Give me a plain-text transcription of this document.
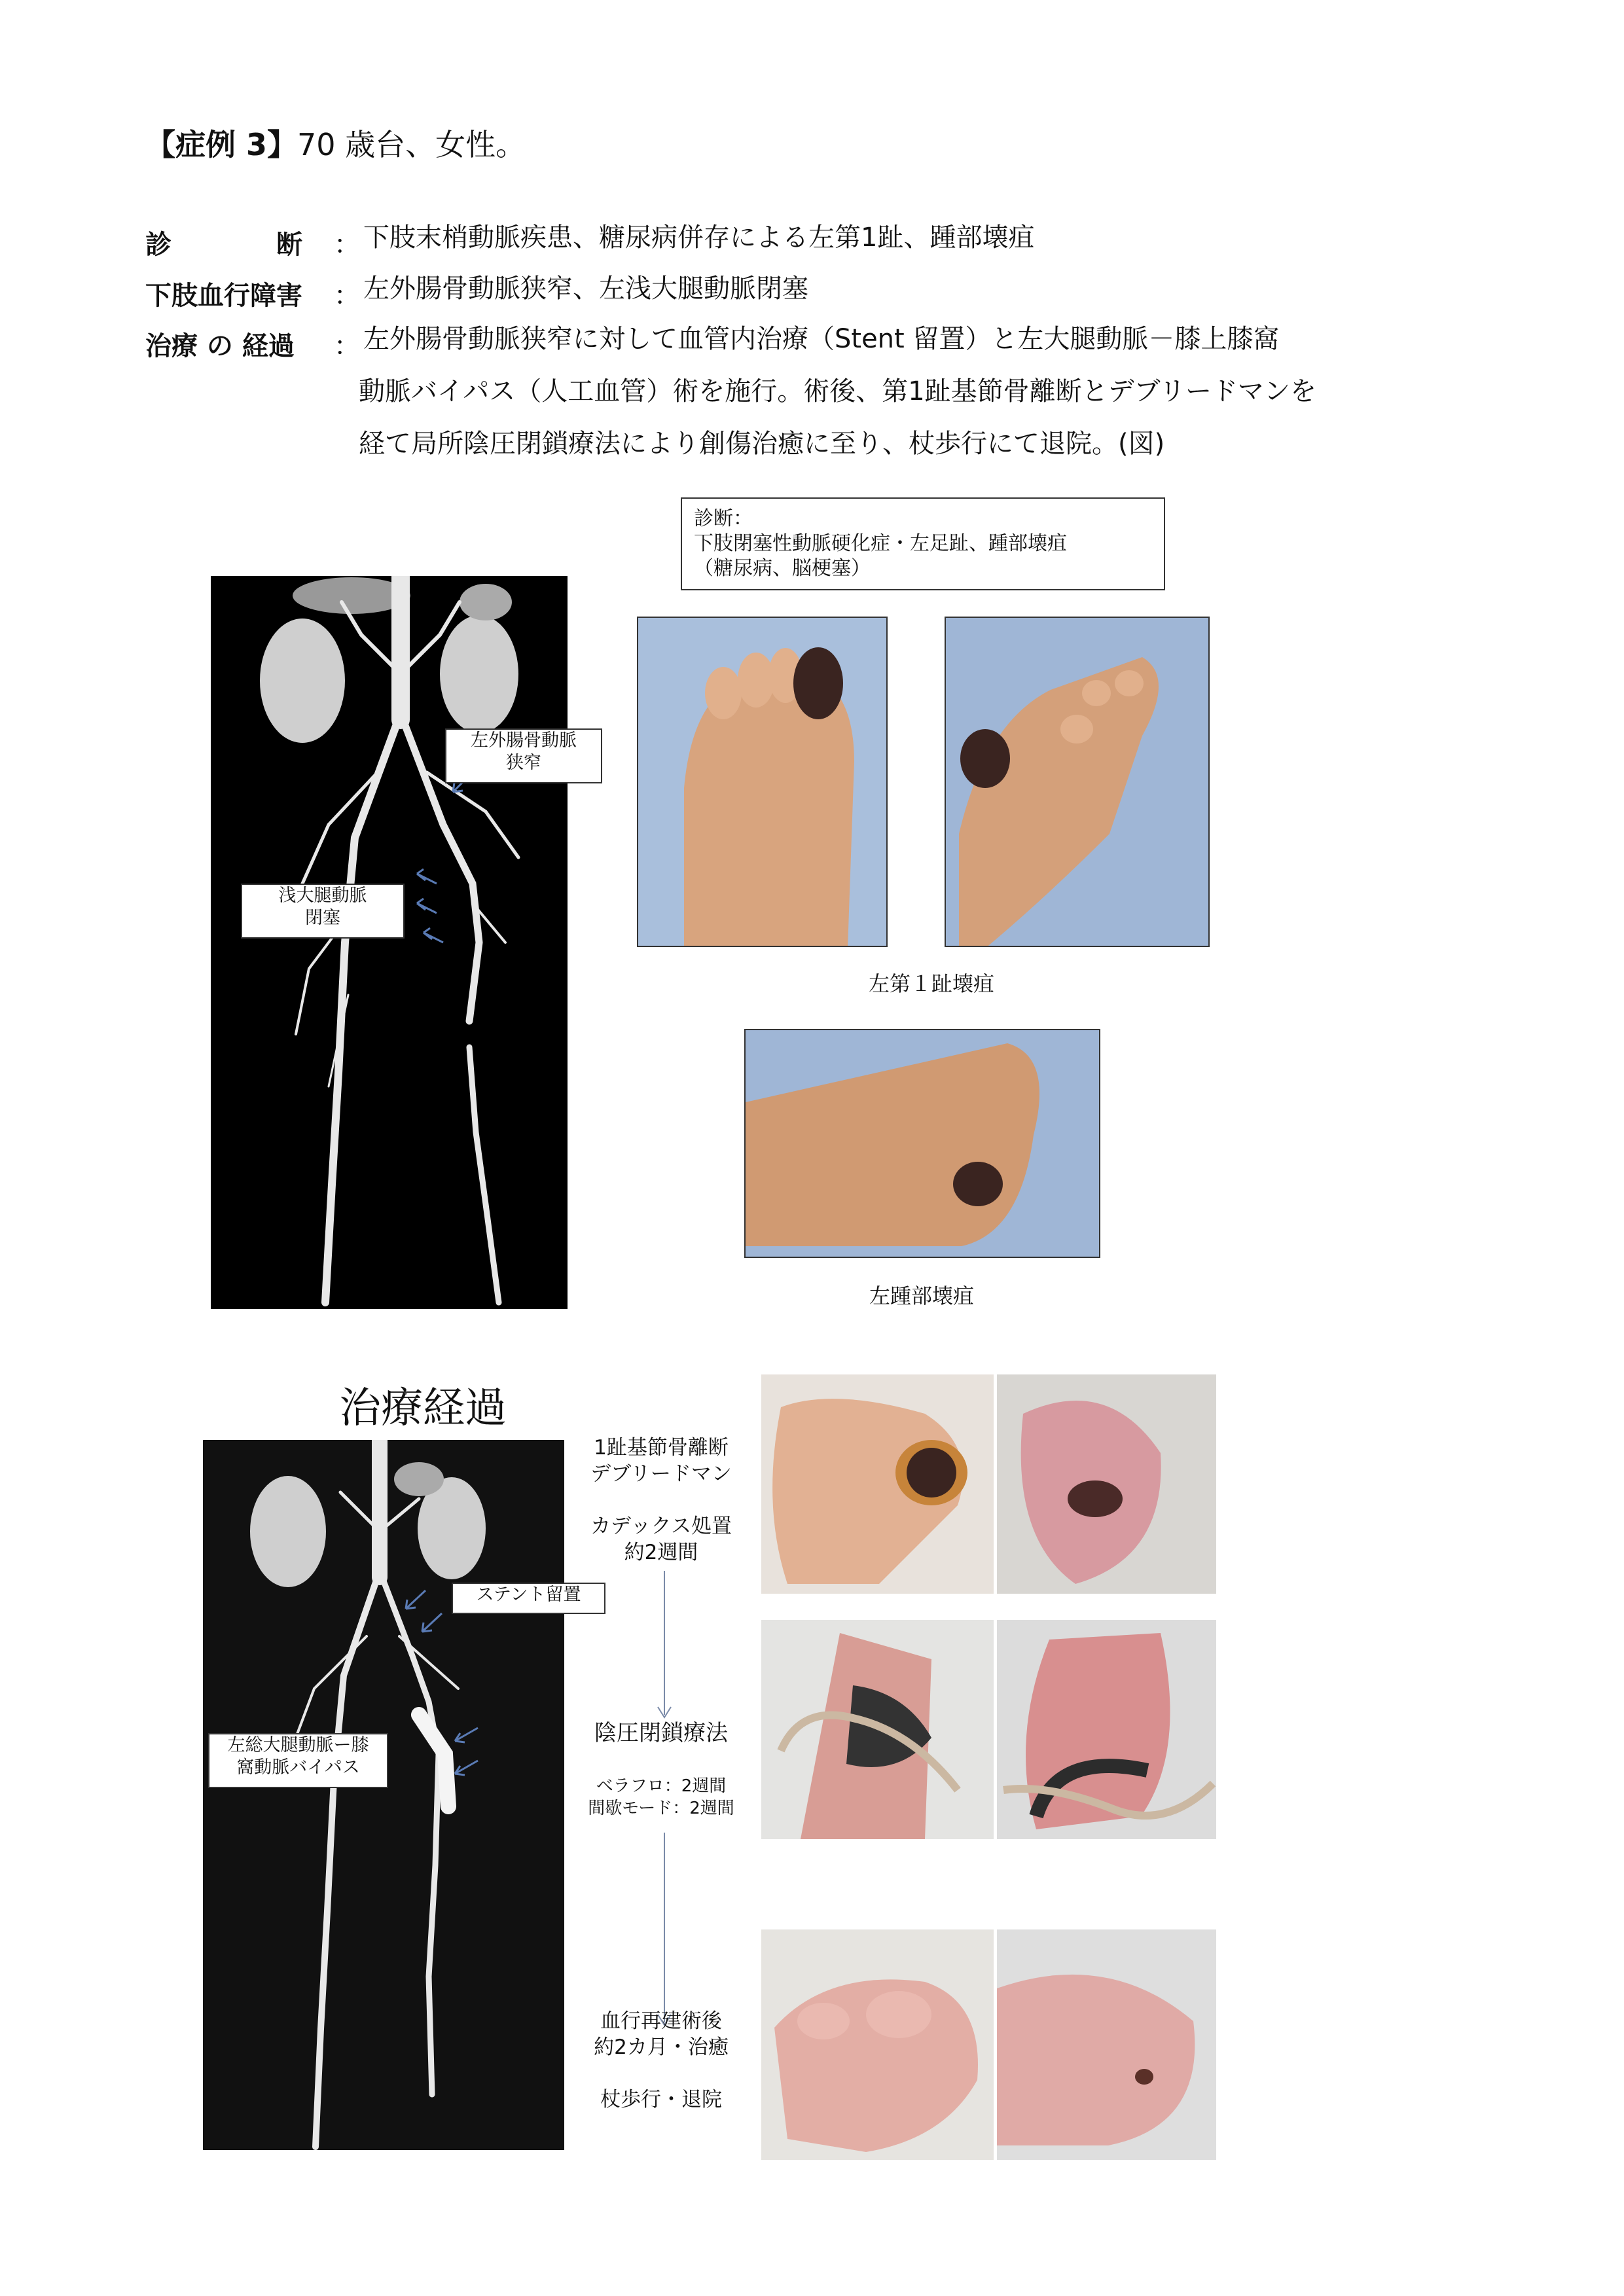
【症例 3】70 歳台、女性。
診　　　　断 ： 下肢末梢動脈疾患、糖尿病併存による左第1趾、踵部壊疽
下肢血行障害 ： 左外腸骨動脈狭窄、左浅大腿動脈閉塞
治療 の 経過 ： 左外腸骨動脈狭窄に対して血管内治療（Stent 留置）と左大腿動脈－膝上膝窩
動脈バイパス（人工血管）術を施行。術後、第1趾基節骨離断とデブリードマンを
経て局所陰圧閉鎖療法により創傷治癒に至り、杖歩行にて退院。(図)
左外腸骨動脈
狭窄
浅大腿動脈
閉塞
診断：
下肢閉塞性動脈硬化症・左足趾、踵部壊疽
（糖尿病、脳梗塞）
左第１趾壊疽
左踵部壊疽
治療経過
ステント留置
左総大腿動脈ー膝
窩動脈バイパス
1趾基節骨離断
デブリードマン
カデックス処置
約2週間
陰圧閉鎖療法
ベラフロ：2週間
間歇モード：2週間
血行再建術後
約2カ月・治癒
杖歩行・退院
